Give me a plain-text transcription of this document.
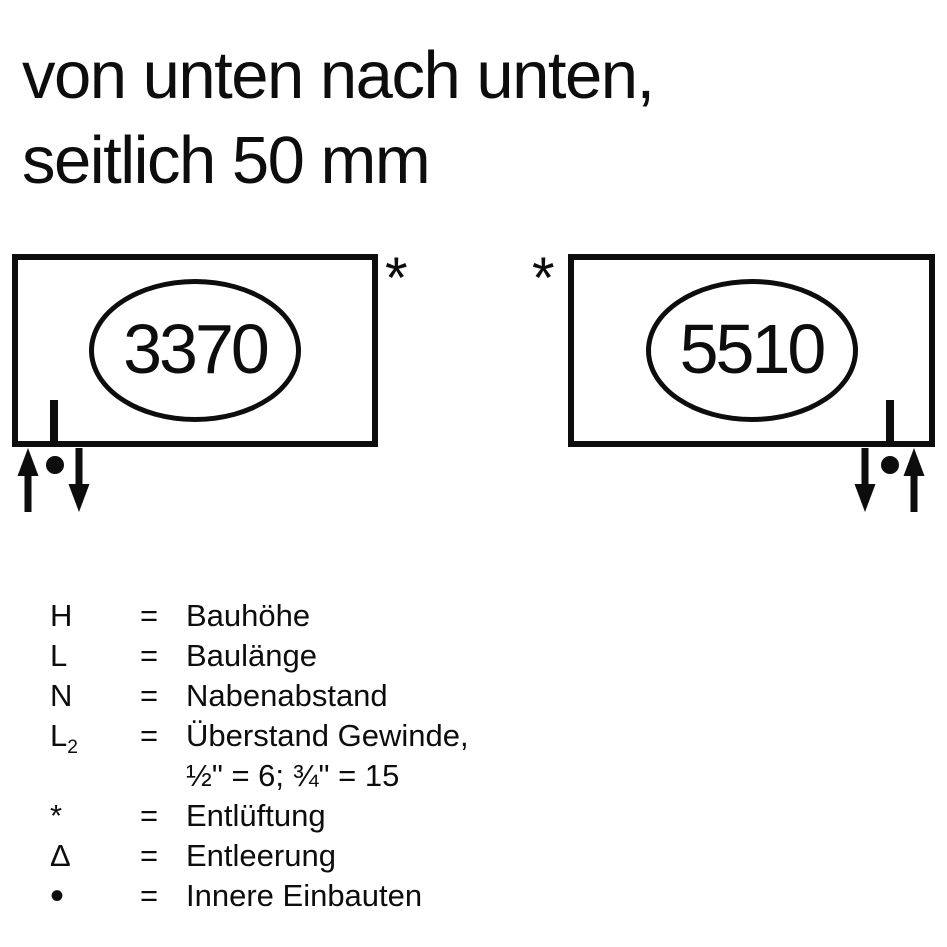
von unten nach unten,
seitlich 50 mm
3370
* *
5510
H	= Bauhöhe
L	= Baulänge
N	= Nabenabstand
$L_2$	= Überstand Gewinde,
½" = 6; ¾" = 15
*	= Entlüftung
Δ	= Entleerung
•	= Innere Einbauten
